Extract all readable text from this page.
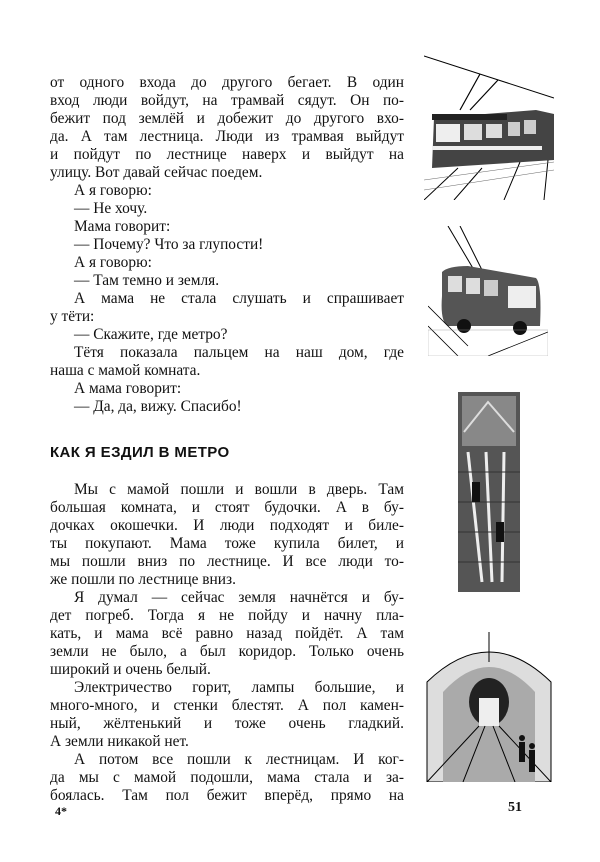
от одного входа до другого бегает. В один
вход люди войдут, на трамвай сядут. Он по-
бежит под землёй и добежит до другого вхо-
да. А там лестница. Люди из трамвая выйдут
и пойдут по лестнице наверх и выйдут на
улицу. Вот давай сейчас поедем.
А я говорю:
— Не хочу.
Мама говорит:
— Почему? Что за глупости!
А я говорю:
— Там темно и земля.
А мама не стала слушать и спрашивает
у тёти:
— Скажите, где метро?
Тётя показала пальцем на наш дом, где
наша с мамой комната.
А мама говорит:
— Да, да, вижу. Спасибо!
КАК Я ЕЗДИЛ В МЕТРО
Мы с мамой пошли и вошли в дверь. Там
большая комната, и стоят будочки. А в бу-
дочках окошечки. И люди подходят и биле-
ты покупают. Мама тоже купила билет, и
мы пошли вниз по лестнице. И все люди то-
же пошли по лестнице вниз.
Я думал — сейчас земля начнётся и бу-
дет погреб. Тогда я не пойду и начну пла-
кать, и мама всё равно назад пойдёт. А там
земли не было, а был коридор. Только очень
широкий и очень белый.
Электричество горит, лампы большие, и
много-много, и стенки блестят. А пол камен-
ный, жёлтенький и тоже очень гладкий.
А земли никакой нет.
А потом все пошли к лестницам. И ког-
да мы с мамой подошли, мама стала и за-
боялась. Там пол бежит вперёд, прямо на
4*	51
